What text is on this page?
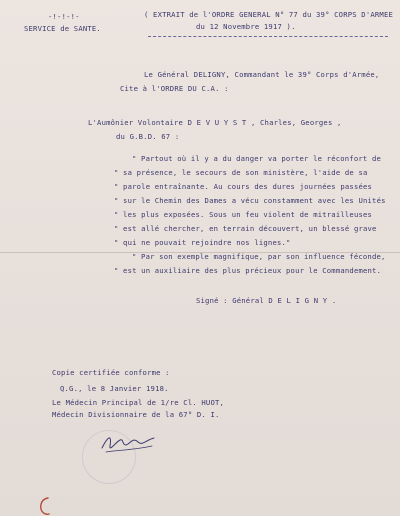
-!-!-!-
SERVICE de SANTE.
( EXTRAIT de l'ORDRE GENERAL N° 77 du 39° CORPS D'ARMEE
du 12 Novembre 1917 ).
Le Général DELIGNY, Commandant le 39° Corps d'Armée,
Cite à l'ORDRE DU C.A. :
L'Aumônier Volontaire D E V U Y S T , Charles, Georges ,
du G.B.D. 67 :
" Partout où il y a du danger va porter le réconfort de
" sa présence, le secours de son ministère, l'aide de sa
" parole entraînante. Au cours des dures journées passées
" sur le Chemin des Dames a vécu constamment avec les Unités
" les plus exposées. Sous un feu violent de mitrailleuses
" est allé chercher, en terrain découvert, un blessé grave
" qui ne pouvait rejoindre nos lignes."
" Par son exemple magnifique, par son influence féconde,
" est un auxiliaire des plus précieux pour le Commandement.
Signé : Général D E L I G N Y .
Copie certifiée conforme :
Q.G., le 8 Janvier 1918.
Le Médecin Principal de 1/re Cl. HUOT,
Médecin Divisionnaire de la 67° D. I.
